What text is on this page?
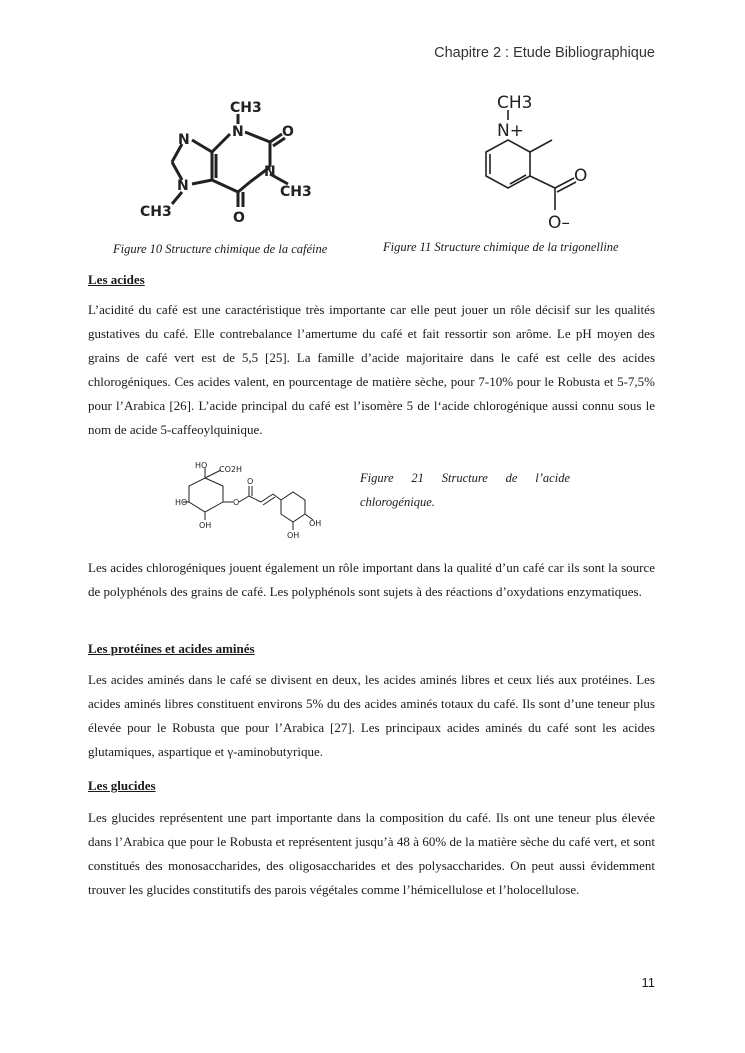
Chapitre 2 : Etude Bibliographique
CH3
N	O
N
N
N
CH3
CH3	O
CH3
N+
O
O–
Figure 10 Structure chimique de la caféine	Figure 11 Structure chimique de la trigonelline
Les acides

L’acidité du café est une caractéristique très importante car elle peut jouer un rôle décisif sur les qualités gustatives du café. Elle contrebalance l’amertume du café et fait ressortir son arôme. Le pH moyen des grains de café vert est de 5,5 [25]. La famille d’acide majoritaire dans le café est celle des acides chlorogéniques. Ces acides valent, en pourcentage de matière sèche, pour 7-10% pour le Robusta et 5-7,5% pour l’Arabica [26]. L’acide principal du café est l’isomère 5 de l‘acide chlorogénique aussi connu sous le nom de acide 5-caffeoylquinique.

HO CO2H
HO
OH
O
O
OH
OH
Figure 21 Structure de l’acide chlorogénique.

Les acides chlorogéniques jouent également un rôle important dans la qualité d’un café car ils sont la source de polyphénols des grains de café. Les polyphénols sont sujets à des réactions d’oxydations enzymatiques.

Les protéines et acides aminés

Les acides aminés dans le café se divisent en deux, les acides aminés libres et ceux liés aux protéines. Les acides aminés libres constituent environs 5% du des acides aminés totaux du café. Ils sont d’une teneur plus élevée pour le Robusta que pour l’Arabica [27]. Les principaux acides aminés du café sont les acides glutamiques, aspartique et γ-aminobutyrique.

Les glucides

Les glucides représentent une part importante dans la composition du café. Ils ont une teneur plus élevée dans l’Arabica que pour le Robusta et représentent jusqu’à 48 à 60% de la matière sèche du café vert, et sont constitués des monosaccharides, des oligosaccharides et des polysaccharides. On peut aussi évidemment trouver les glucides constitutifs des parois végétales comme l’hémicellulose et l’holocellulose.

11
